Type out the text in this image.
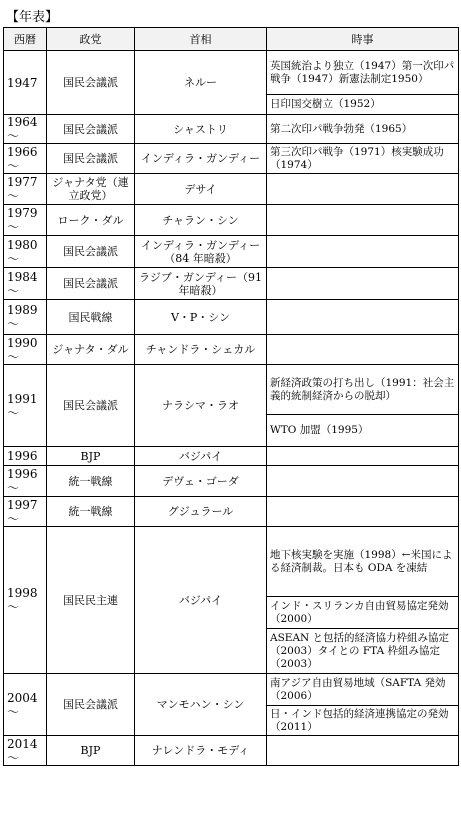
【年表】
西暦	政党	首相	時事
1947	国民会議派	ネルー	英国統治より独立（1947）第一次印パ戦争（1947）新憲法制定1950）
			日印国交樹立（1952）
1964
～	国民会議派	シャストリ	第二次印パ戦争勃発（1965）
1966
～	国民会議派	インディラ・ガンディー	第三次印パ戦争（1971）核実験成功（1974）
1977
～	ジャナタ党（連立政党）	デサイ	
1979
～	ローク・ダル	チャラン・シン	
1980
～	国民会議派	インディラ・ガンディー（84 年暗殺）	
1984
～	国民会議派	ラジブ・ガンディー（91 年暗殺）	
1989
～	国民戦線	V・P・シン	
1990
～	ジャナタ・ダル	チャンドラ・シェカル	
1991
～	国民会議派	ナラシマ・ラオ	新経済政策の打ち出し（1991：社会主義的統制経済からの脱却）
			WTO 加盟（1995）
1996	BJP	バジパイ	
1996
～	統一戦線	デヴェ・ゴーダ	
1997
～	統一戦線	グジュラール	
1998
～	国民民主連	バジパイ	地下核実験を実施（1998）←米国による経済制裁。日本も ODA を凍結
			インド・スリランカ自由貿易協定発効（2000）
			ASEAN と包括的経済協力枠組み協定（2003）タイとの FTA 枠組み協定（2003）
2004
～	国民会議派	マンモハン・シン	南アジア自由貿易地域（SAFTA 発効（2006）
			日・インド包括的経済連携協定の発効（2011）
2014
～	BJP	ナレンドラ・モディ	
